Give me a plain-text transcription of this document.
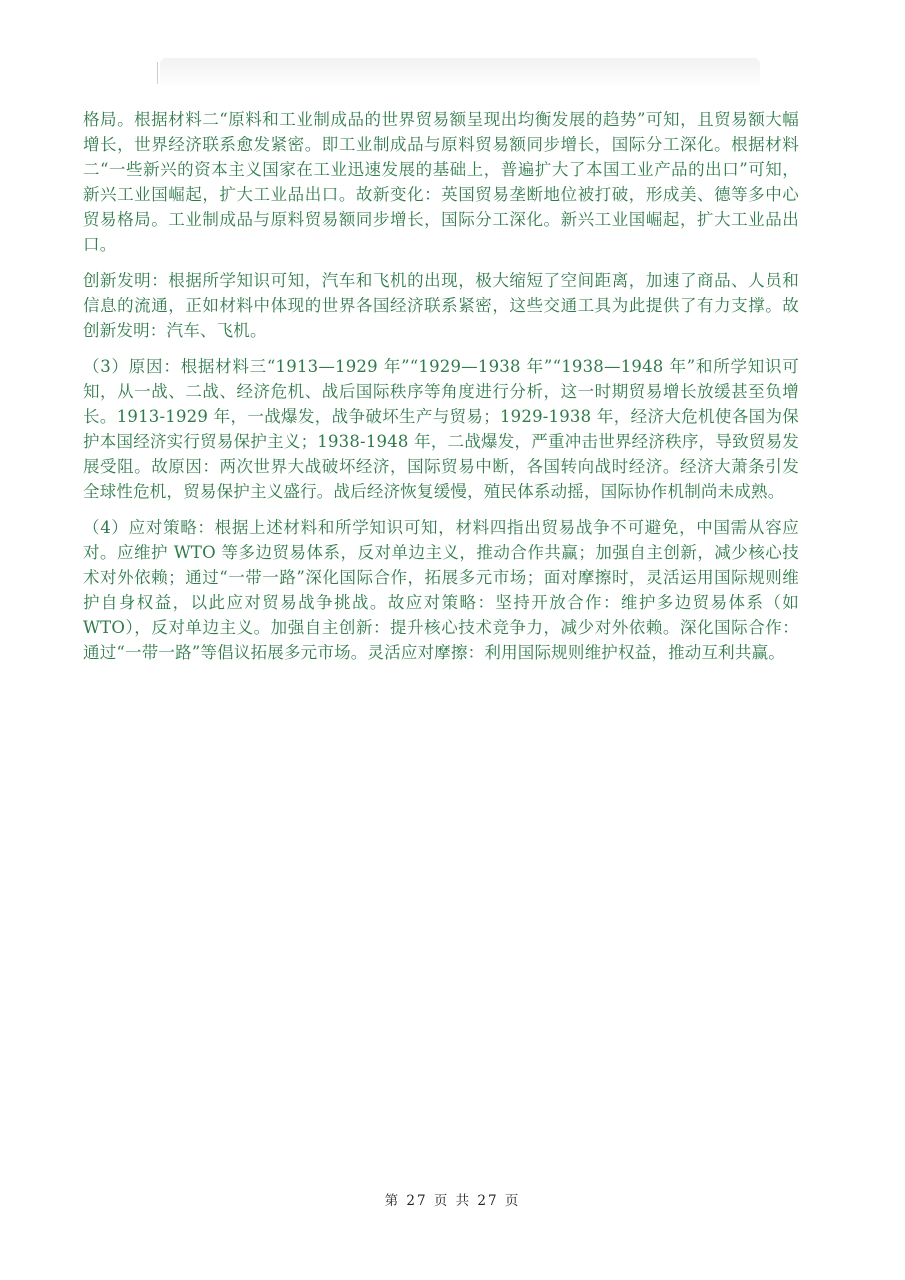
格局。根据材料二“原料和工业制成品的世界贸易额呈现出均衡发展的趋势”可知，且贸易额大幅增长，世界经济联系愈发紧密。即工业制成品与原料贸易额同步增长，国际分工深化。根据材料二“一些新兴的资本主义国家在工业迅速发展的基础上，普遍扩大了本国工业产品的出口”可知，新兴工业国崛起，扩大工业品出口。故新变化：英国贸易垄断地位被打破，形成美、德等多中心贸易格局。工业制成品与原料贸易额同步增长，国际分工深化。新兴工业国崛起，扩大工业品出口。

创新发明：根据所学知识可知，汽车和飞机的出现，极大缩短了空间距离，加速了商品、人员和信息的流通，正如材料中体现的世界各国经济联系紧密，这些交通工具为此提供了有力支撑。故创新发明：汽车、飞机。

（3）原因：根据材料三“1913—1929 年”“1929—1938 年”“1938—1948 年”和所学知识可知，从一战、二战、经济危机、战后国际秩序等角度进行分析，这一时期贸易增长放缓甚至负增长。1913-1929 年，一战爆发，战争破坏生产与贸易；1929-1938 年，经济大危机使各国为保护本国经济实行贸易保护主义；1938-1948 年，二战爆发，严重冲击世界经济秩序，导致贸易发展受阻。故原因：两次世界大战破坏经济，国际贸易中断，各国转向战时经济。经济大萧条引发全球性危机，贸易保护主义盛行。战后经济恢复缓慢，殖民体系动摇，国际协作机制尚未成熟。

（4）应对策略：根据上述材料和所学知识可知，材料四指出贸易战争不可避免，中国需从容应对。应维护 WTO 等多边贸易体系，反对单边主义，推动合作共赢；加强自主创新，减少核心技术对外依赖；通过“一带一路”深化国际合作，拓展多元市场；面对摩擦时，灵活运用国际规则维护自身权益，以此应对贸易战争挑战。故应对策略：坚持开放合作：维护多边贸易体系（如 WTO），反对单边主义。加强自主创新：提升核心技术竞争力，减少对外依赖。深化国际合作：通过“一带一路”等倡议拓展多元市场。灵活应对摩擦：利用国际规则维护权益，推动互利共赢。

第 27 页 共 27 页
